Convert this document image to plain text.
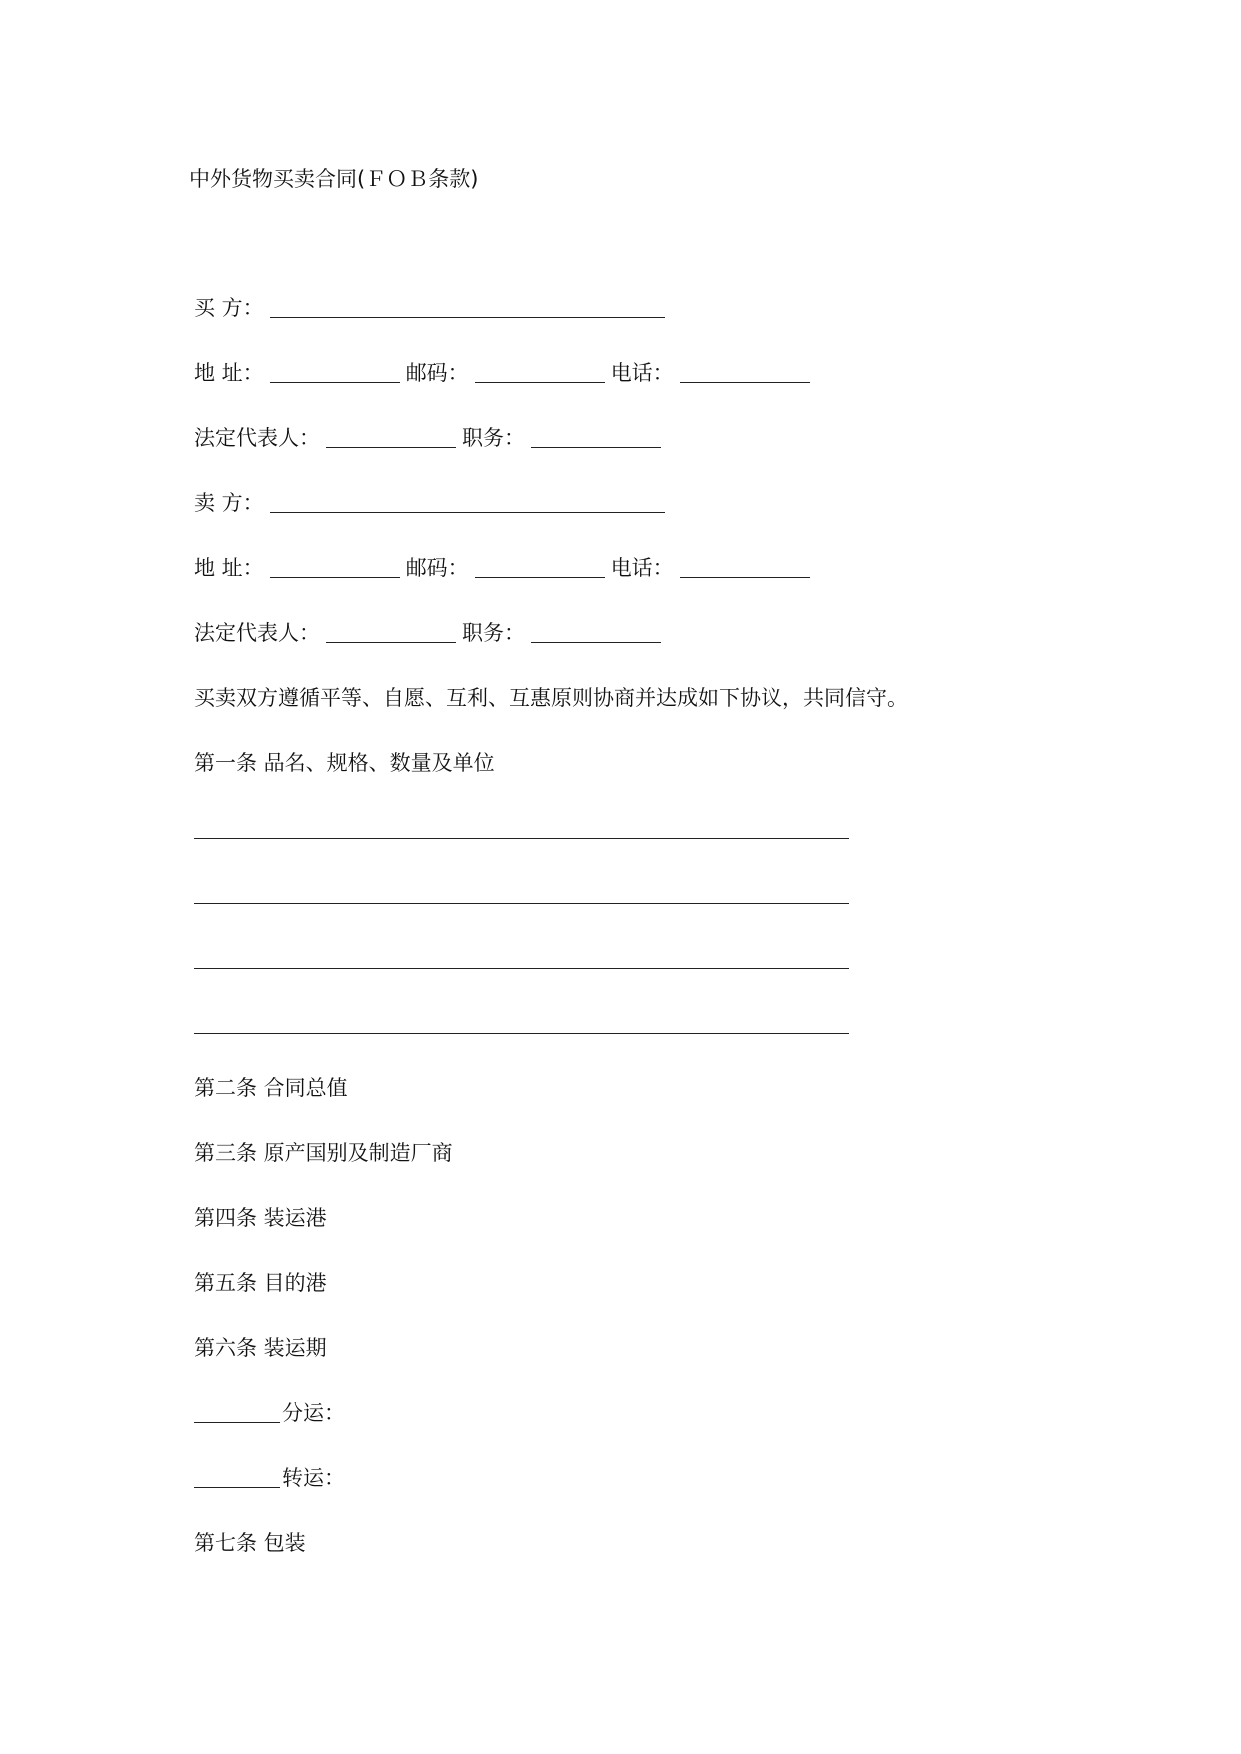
中外货物买卖合同(ＦＯＢ条款)
买 方：
地 址：	邮码：	电话：
法定代表人：	职务：
卖 方：
地 址：	邮码：	电话：
法定代表人：	职务：
买卖双方遵循平等、自愿、互利、互惠原则协商并达成如下协议，共同信守。
第一条 品名、规格、数量及单位
第二条 合同总值
第三条 原产国别及制造厂商
第四条 装运港
第五条 目的港
第六条 装运期
分运：
转运：
第七条 包装
